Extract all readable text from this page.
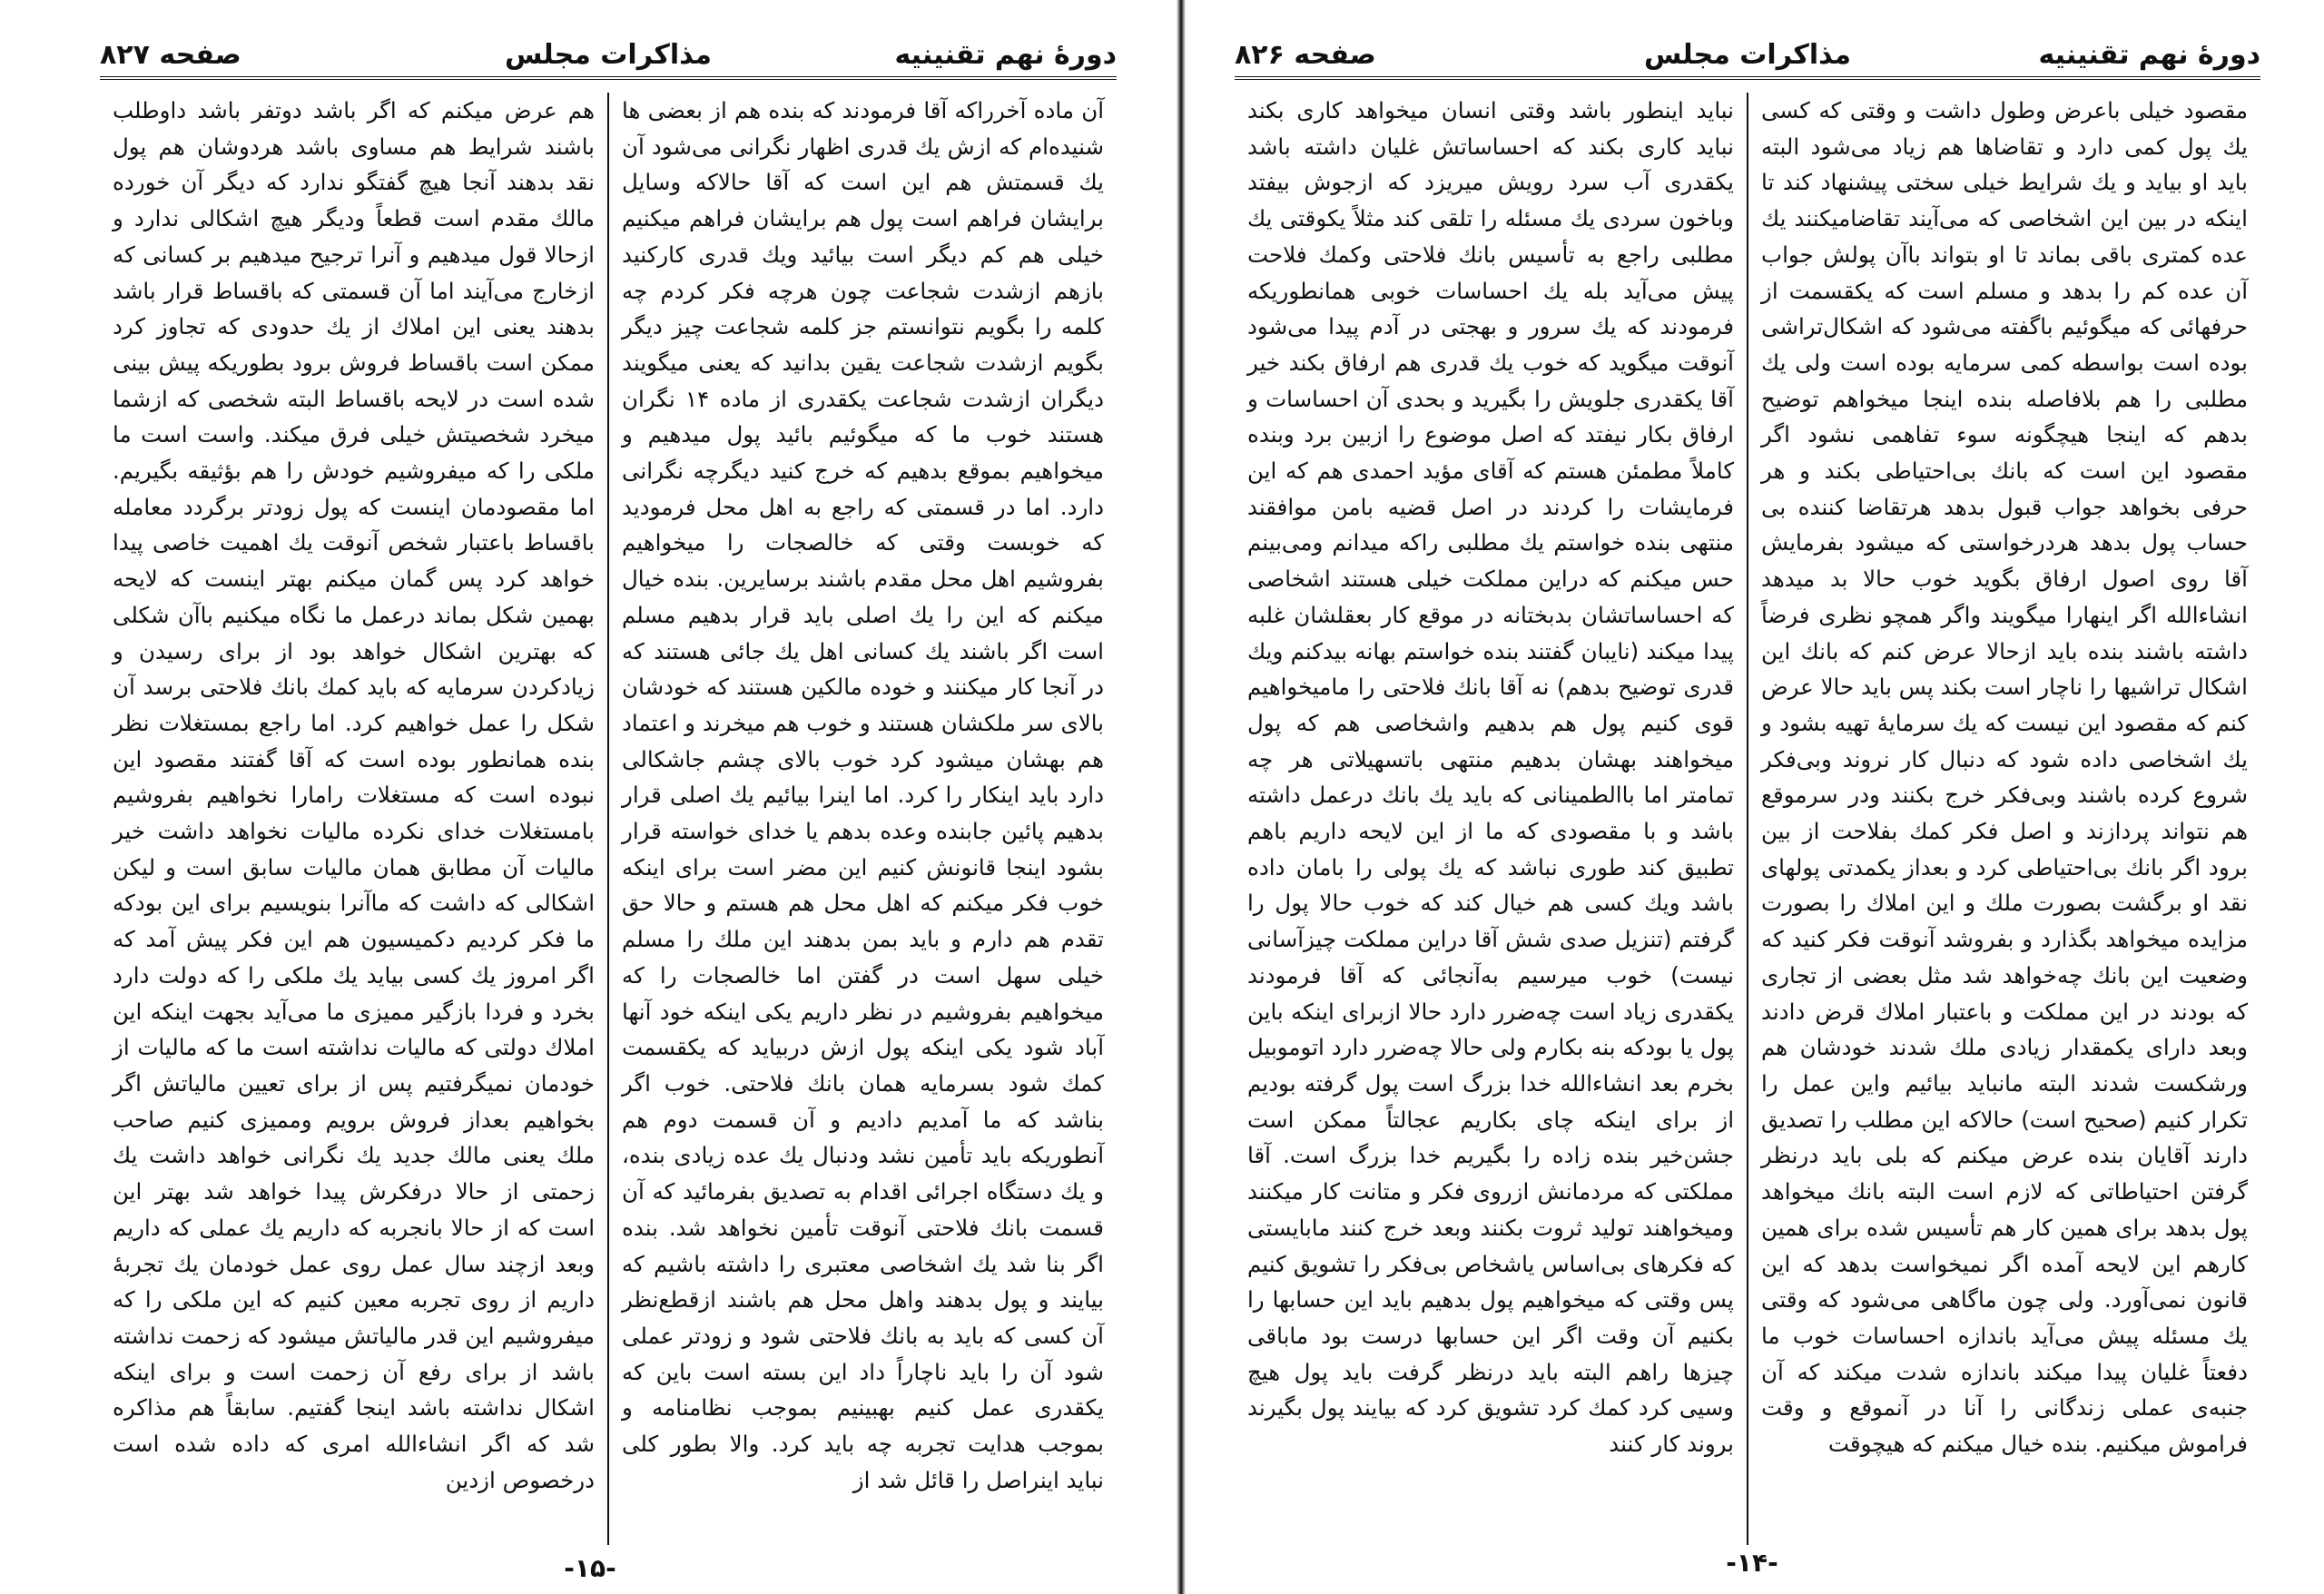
دورهٔ نهم تقنینیه
مذاکرات مجلس
صفحه ۸۲۷
آن ماده آخرراکه آقا فرمودند که بنده هم از بعضی ها شنیده‌ام که ازش یك قدری اظهار نگرانی می‌شود آن یك قسمتش هم این است که آقا حالاکه وسایل برایشان فراهم است پول هم برایشان فراهم میکنیم خیلی هم کم دیگر است بیائید ویك قدری کارکنید بازهم ازشدت شجاعت چون هرچه فکر کردم چه کلمه را بگویم نتوانستم جز کلمه شجاعت چیز دیگر بگویم ازشدت شجاعت یقین بدانید که یعنی میگویند دیگران ازشدت شجاعت یکقدری از ماده ۱۴ نگران هستند خوب ما که میگوئیم بائید پول میدهیم و میخواهیم بموقع بدهیم که خرج کنید دیگرچه نگرانی دارد. اما در قسمتی که راجع به اهل محل فرمودید که خوبست وقتی که خالصجات را میخواهیم بفروشیم اهل محل مقدم باشند برسایرین. بنده خیال میکنم که این را یك اصلی باید قرار بدهیم مسلم است اگر باشند یك کسانی اهل یك جائی هستند که در آنجا کار میکنند و خوده مالکین هستند که خودشان بالای سر ملکشان هستند و خوب هم میخرند و اعتماد هم بهشان میشود کرد خوب بالای چشم جاشکالی دارد باید اینکار را کرد. اما اینرا بیائیم یك اصلی قرار بدهیم پائین جابنده وعده بدهم یا خدای خواسته قرار بشود اینجا قانونش کنیم این مضر است برای اینکه خوب فکر میکنم که اهل محل هم هستم و حالا حق تقدم هم دارم و باید بمن بدهند این ملك را مسلم خیلی سهل است در گفتن اما خالصجات را که میخواهیم بفروشیم در نظر داریم یکی اینکه خود آنها آباد شود یکی اینکه پول ازش دربیاید که یکقسمت کمك شود بسرمایه همان بانك فلاحتی. خوب اگر بناشد که ما آمدیم دادیم و آن قسمت دوم هم آنطوریکه باید تأمین نشد ودنبال یك عده زیادی بنده، و یك دستگاه اجرائی اقدام به تصدیق بفرمائید که آن قسمت بانك فلاحتی آنوقت تأمین نخواهد شد. بنده اگر بنا شد یك اشخاصی معتبری را داشته باشیم که بیایند و پول بدهند واهل محل هم باشند ازقطع‌نظر آن کسی که باید به بانك فلاحتی شود و زودتر عملی شود آن را باید ناچاراً داد این بسته است باین که یکقدری عمل کنیم بهبینیم بموجب نظامنامه و بموجب هدایت تجربه چه باید کرد. والا بطور کلی نباید اینراصل را قائل شد از
هم عرض میکنم که اگر باشد دوتفر باشد داوطلب باشند شرایط هم مساوی باشد هردوشان هم پول نقد بدهند آنجا هیچ گفتگو ندارد که دیگر آن خورده مالك مقدم است قطعاً ودیگر هیچ اشکالی ندارد و ازحالا قول میدهیم و آنرا ترجیح میدهیم بر کسانی که ازخارج می‌آیند اما آن قسمتی که باقساط قرار باشد بدهند یعنی این املاك از یك حدودی که تجاوز کرد ممکن است باقساط فروش برود بطوریکه پیش بینی شده است در لایحه باقساط البته شخصی که ازشما میخرد شخصیتش خیلی فرق میکند. واست است ما ملکی را که میفروشیم خودش را هم بؤثیقه بگیریم. اما مقصودمان اینست که پول زودتر برگردد معامله باقساط باعتبار شخص آنوقت یك اهمیت خاصی پیدا خواهد کرد پس گمان میکنم بهتر اینست که لایحه بهمین شکل بماند درعمل ما نگاه میکنیم باآن شکلی که بهترین اشکال خواهد بود از برای رسیدن و زیادکردن سرمایه که باید کمك بانك فلاحتی برسد آن شکل را عمل خواهیم کرد. اما راجع بمستغلات نظر بنده همانطور بوده است که آقا گفتند مقصود این نبوده است که مستغلات رامارا نخواهیم بفروشیم بامستغلات خدای نکرده مالیات نخواهد داشت خیر مالیات آن مطابق همان مالیات سابق است و لیکن اشکالی که داشت که ماآنرا بنویسیم برای این بودکه ما فکر کردیم دکمیسیون هم این فکر پیش آمد که اگر امروز یك کسی بیاید یك ملکی را که دولت دارد بخرد و فردا بازگیر ممیزی ما می‌آید بجهت اینکه این املاك دولتی که مالیات نداشته است ما که مالیات از خودمان نمیگرفتیم پس از برای تعیین مالیاتش اگر بخواهیم بعداز فروش برویم وممیزی کنیم صاحب ملك یعنی مالك جدید یك نگرانی خواهد داشت یك زحمتی از حالا درفکرش پیدا خواهد شد بهتر این است که از حالا بانجربه که داریم یك عملی که داریم وبعد ازچند سال عمل روی عمل خودمان یك تجربهٔ داریم از روی تجربه معین کنیم که این ملکی را که میفروشیم این قدر مالیاتش میشود که زحمت نداشته باشد از برای رفع آن زحمت است و برای اینکه اشکال نداشته باشد اینجا گفتیم. سابقاً هم مذاکره شد که اگر انشاءالله امری که داده شده است درخصوص ازدین
-۱۵-
دورهٔ نهم تقنینیه
مذاکرات مجلس
صفحه ۸۲۶
مقصود خیلی باعرض وطول داشت و وقتی که کسی یك پول کمی دارد و تقاضاها هم زیاد می‌شود البته باید او بیاید و یك شرایط خیلی سختی پیشنهاد کند تا اینکه در بین این اشخاصی که می‌آیند تقاضامیکنند یك عده کمتری باقی بماند تا او بتواند باآن پولش جواب آن عده کم را بدهد و مسلم است که یکقسمت از حرفهائی که میگوئیم باگفته می‌شود که اشکال‌تراشی بوده است بواسطه کمی سرمایه بوده است ولی یك مطلبی را هم بلافاصله بنده اینجا میخواهم توضیح بدهم که اینجا هیچگونه سوء تفاهمی نشود اگر مقصود این است که بانك بی‌احتیاطی بکند و هر حرفی بخواهد جواب قبول بدهد هرتقاضا کننده بی حساب پول بدهد هردرخواستی که میشود بفرمایش آقا روی اصول ارفاق بگوید خوب حالا بد میدهد انشاءالله اگر اینهارا میگویند واگر همچو نظری فرضاً داشته باشند بنده باید ازحالا عرض کنم که بانك این اشکال تراشیها را ناچار است بکند پس باید حالا عرض کنم که مقصود این نیست که یك سرمایهٔ تهیه بشود و یك اشخاصی داده شود که دنبال کار نروند وبی‌فکر شروع کرده باشند وبی‌فکر خرج بکنند ودر سرموقع هم نتواند پردازند و اصل فکر کمك بفلاحت از بین برود اگر بانك بی‌احتیاطی کرد و بعداز یکمدتی پولهای نقد او برگشت بصورت ملك و این املاك را بصورت مزایده میخواهد بگذارد و بفروشد آنوقت فکر کنید که وضعیت این بانك چه‌خواهد شد مثل بعضی از تجاری که بودند در این مملکت و باعتبار املاك قرض دادند وبعد دارای یکمقدار زیادی ملك شدند خودشان هم ورشکست شدند البته مانباید بیائیم واین عمل را تکرار کنیم (صحیح است) حالاکه این مطلب را تصدیق دارند آقایان بنده عرض میکنم که بلی باید درنظر گرفتن احتیاطاتی که لازم است البته بانك میخواهد پول بدهد برای همین کار هم تأسیس شده برای همین کارهم این لایحه آمده اگر نمیخواست بدهد که این قانون نمی‌آورد. ولی چون ماگاهی می‌شود که وقتی یك مسئله پیش می‌آید باندازه احساسات خوب ما دفعتاً غلیان پیدا میکند باندازه شدت میکند که آن جنبه‌ی عملی زندگانی را آنا در آنموقع و وقت فراموش میکنیم. بنده خیال میکنم که هیچوقت
نباید اینطور باشد وقتی انسان میخواهد کاری بکند نباید کاری بکند که احساساتش غلیان داشته باشد یکقدری آب سرد رویش میریزد که ازجوش بیفتد وباخون سردی یك مسئله را تلقی کند مثلاً یکوقتی یك مطلبی راجع به تأسیس بانك فلاحتی وکمك فلاحت پیش می‌آید بله یك احساسات خوبی همانطوریکه فرمودند که یك سرور و بهجتی در آدم پیدا می‌شود آنوقت میگوید که خوب یك قدری هم ارفاق بکند خیر آقا یکقدری جلویش را بگیرید و بحدی آن احساسات و ارفاق بکار نیفتد که اصل موضوع را ازبین برد وبنده کاملاً مطمئن هستم که آقای مؤید احمدی هم که این فرمایشات را کردند در اصل قضیه بامن موافقند منتهی بنده خواستم یك مطلبی راکه میدانم ومی‌بینم حس میکنم که دراین مملکت خیلی هستند اشخاصی که احساساتشان بدبختانه در موقع کار بعقلشان غلبه پیدا میکند (نایبان گفتند بنده خواستم بهانه بیدکنم ویك قدری توضیح بدهم) نه آقا بانك فلاحتی را مامیخواهیم قوی کنیم پول هم بدهیم واشخاصی هم که پول میخواهند بهشان بدهیم منتهی باتسهیلاتی هر چه تمامتر اما باالطمینانی که باید یك بانك درعمل داشته باشد و با مقصودی که ما از این لایحه داریم باهم تطبیق کند طوری نباشد که یك پولی را بامان داده باشد ویك کسی هم خیال کند که خوب حالا پول را گرفتم (تنزیل صدی شش آقا دراین مملکت چیزآسانی نیست) خوب میرسیم به‌آنجائی که آقا فرمودند یکقدری زیاد است چه‌ضرر دارد حالا ازبرای اینکه باین پول یا بودکه بنه بکارم ولی حالا چه‌ضرر دارد اتوموبیل بخرم بعد انشاءالله خدا بزرگ است پول گرفته بودیم‌ از برای اینکه چای بکاریم عجالتاً ممکن است جشن‌خیر بنده زاده را بگیریم خدا بزرگ است. آقا مملکتی که مردمانش ازروی فکر و متانت کار میکنند ومیخواهند تولید ثروت بکنند وبعد خرج کنند مابایستی که فکرهای بی‌اساس یاشخاص بی‌فکر را تشویق کنیم پس وقتی که میخواهیم پول بدهیم باید این حسابها را بکنیم آن وقت اگر این حسابها درست بود ماباقی چیزها راهم البته باید درنظر گرفت باید پول هیچ‌ وسیی کرد کمك کرد تشویق کرد که بیایند پول بگیرند بروند کار کنند
-۱۴-
